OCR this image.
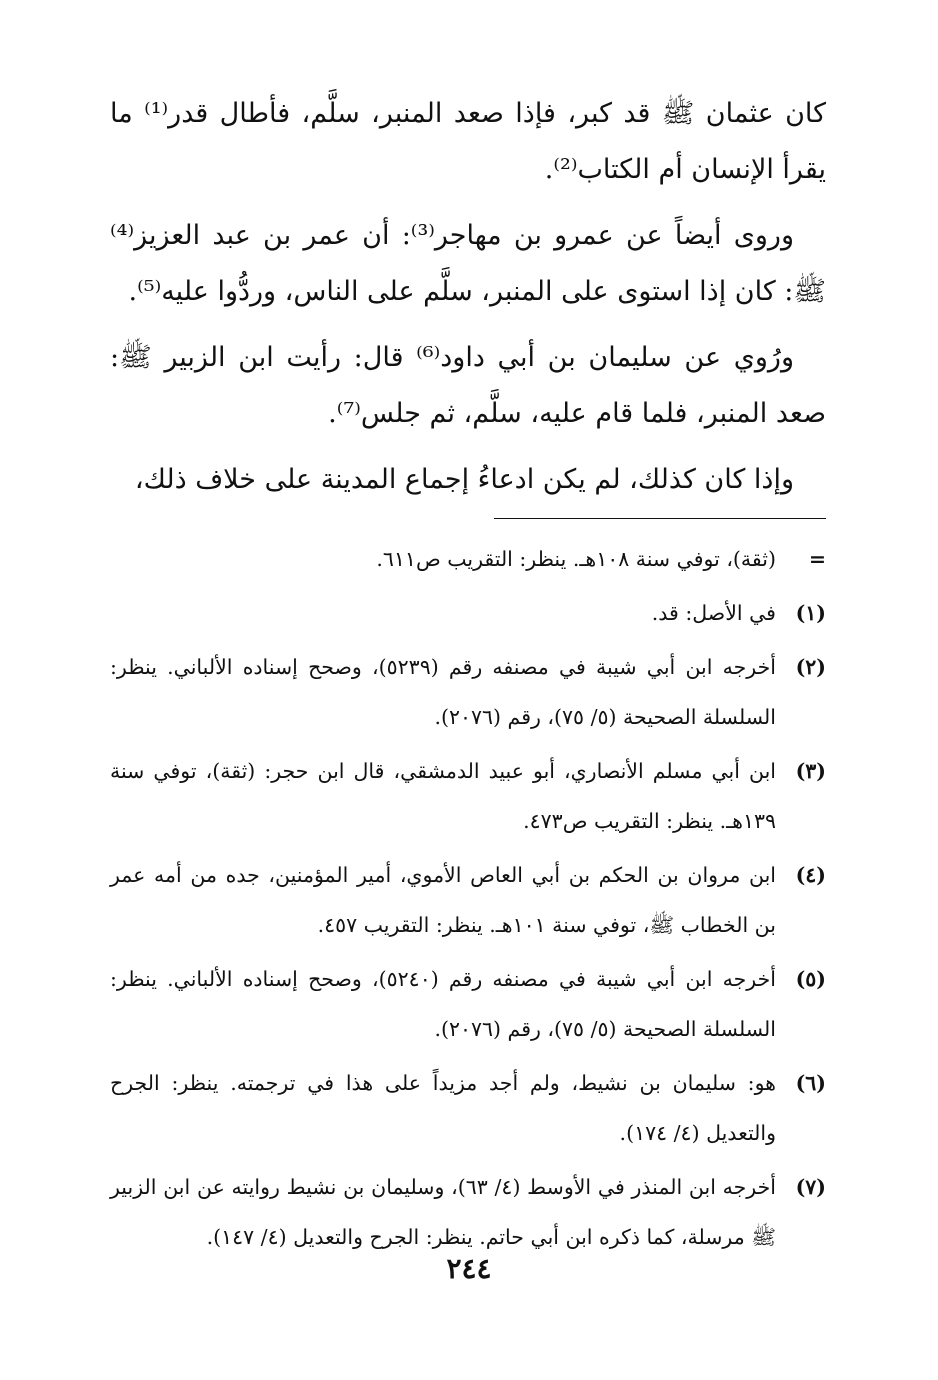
كان عثمان ﷺ قد كبر، فإذا صعد المنبر، سلَّم، فأطال قدر⁽¹⁾ ما يقرأ الإنسان أم الكتاب⁽²⁾.

وروى أيضاً عن عمرو بن مهاجر⁽³⁾: أن عمر بن عبد العزيز⁽⁴⁾ ﷺ: كان إذا استوى على المنبر، سلَّم على الناس، وردُّوا عليه⁽⁵⁾.

ورُوي عن سليمان بن أبي داود⁽⁶⁾ قال: رأيت ابن الزبير ﷺ: صعد المنبر، فلما قام عليه، سلَّم، ثم جلس⁽⁷⁾.

وإذا كان كذلك، لم يكن ادعاءُ إجماع المدينة على خلاف ذلك،

=
(ثقة)، توفي سنة ١٠٨هـ. ينظر: التقريب ص٦١١.
(١)
في الأصل: قد.
(٢)
أخرجه ابن أبي شيبة في مصنفه رقم (٥٢٣٩)، وصحح إسناده الألباني. ينظر: السلسلة الصحيحة (٥/ ٧٥)، رقم (٢٠٧٦).
(٣)
ابن أبي مسلم الأنصاري، أبو عبيد الدمشقي، قال ابن حجر: (ثقة)، توفي سنة ١٣٩هـ. ينظر: التقريب ص٤٧٣.
(٤)
ابن مروان بن الحكم بن أبي العاص الأموي، أمير المؤمنين، جده من أمه عمر بن الخطاب ﷺ، توفي سنة ١٠١هـ. ينظر: التقريب ٤٥٧.
(٥)
أخرجه ابن أبي شيبة في مصنفه رقم (٥٢٤٠)، وصحح إسناده الألباني. ينظر: السلسلة الصحيحة (٥/ ٧٥)، رقم (٢٠٧٦).
(٦)
هو: سليمان بن نشيط، ولم أجد مزيداً على هذا في ترجمته. ينظر: الجرح والتعديل (٤/ ١٧٤).
(٧)
أخرجه ابن المنذر في الأوسط (٤/ ٦٣)، وسليمان بن نشيط روايته عن ابن الزبير ﷺ مرسلة، كما ذكره ابن أبي حاتم. ينظر: الجرح والتعديل (٤/ ١٤٧).
٢٤٤
